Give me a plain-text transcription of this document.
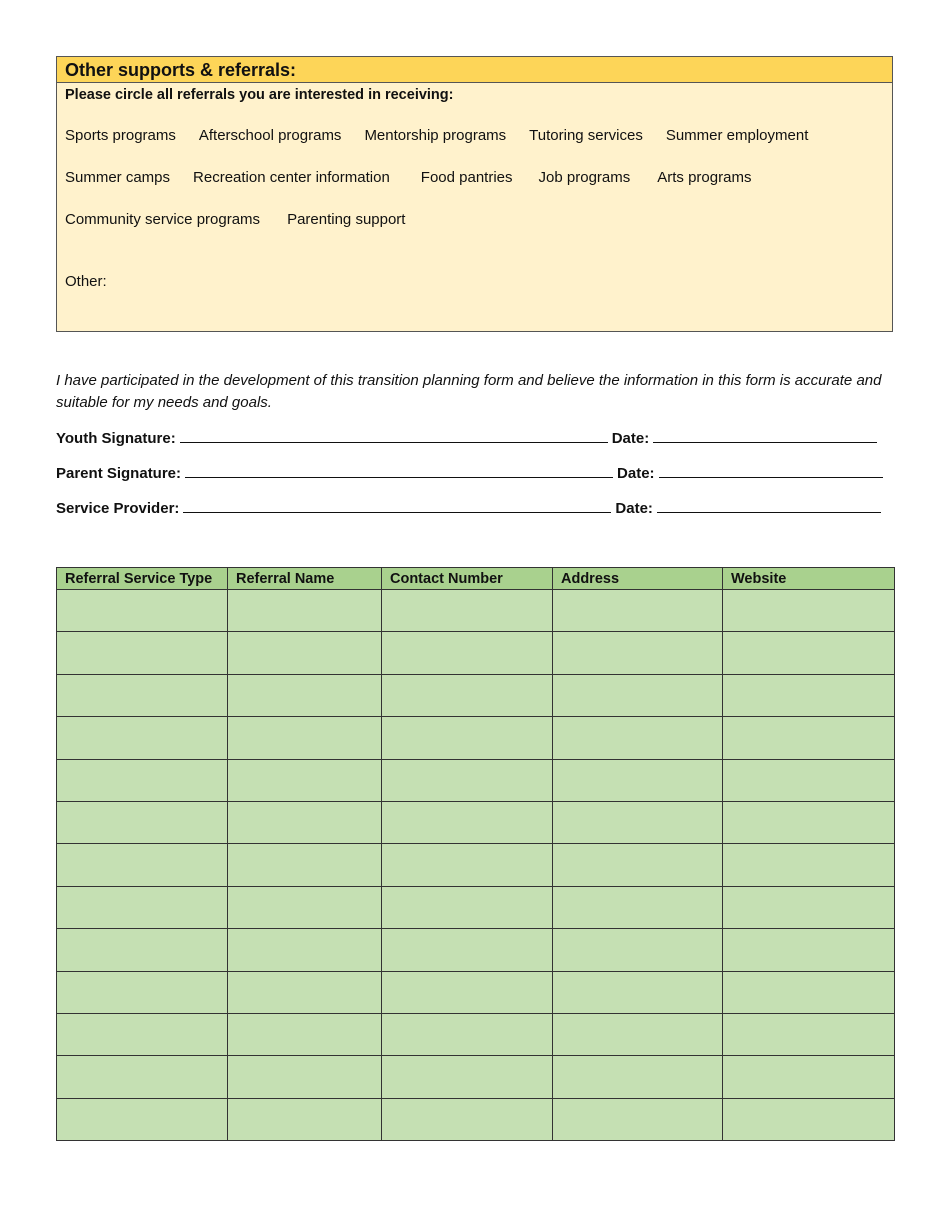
Other supports & referrals:
Please circle all referrals you are interested in receiving:
Sports programs Afterschool programs Mentorship programs Tutoring services Summer employment
Summer camps Recreation center information Food pantries Job programs Arts programs
Community service programs Parenting support
Other:
I have participated in the development of this transition planning form and believe the information in this form is accurate and suitable for my needs and goals.
Youth Signature:	Date:
Parent Signature:	Date:
Service Provider:	Date:
Referral Service Type	Referral Name	Contact Number	Address	Website
